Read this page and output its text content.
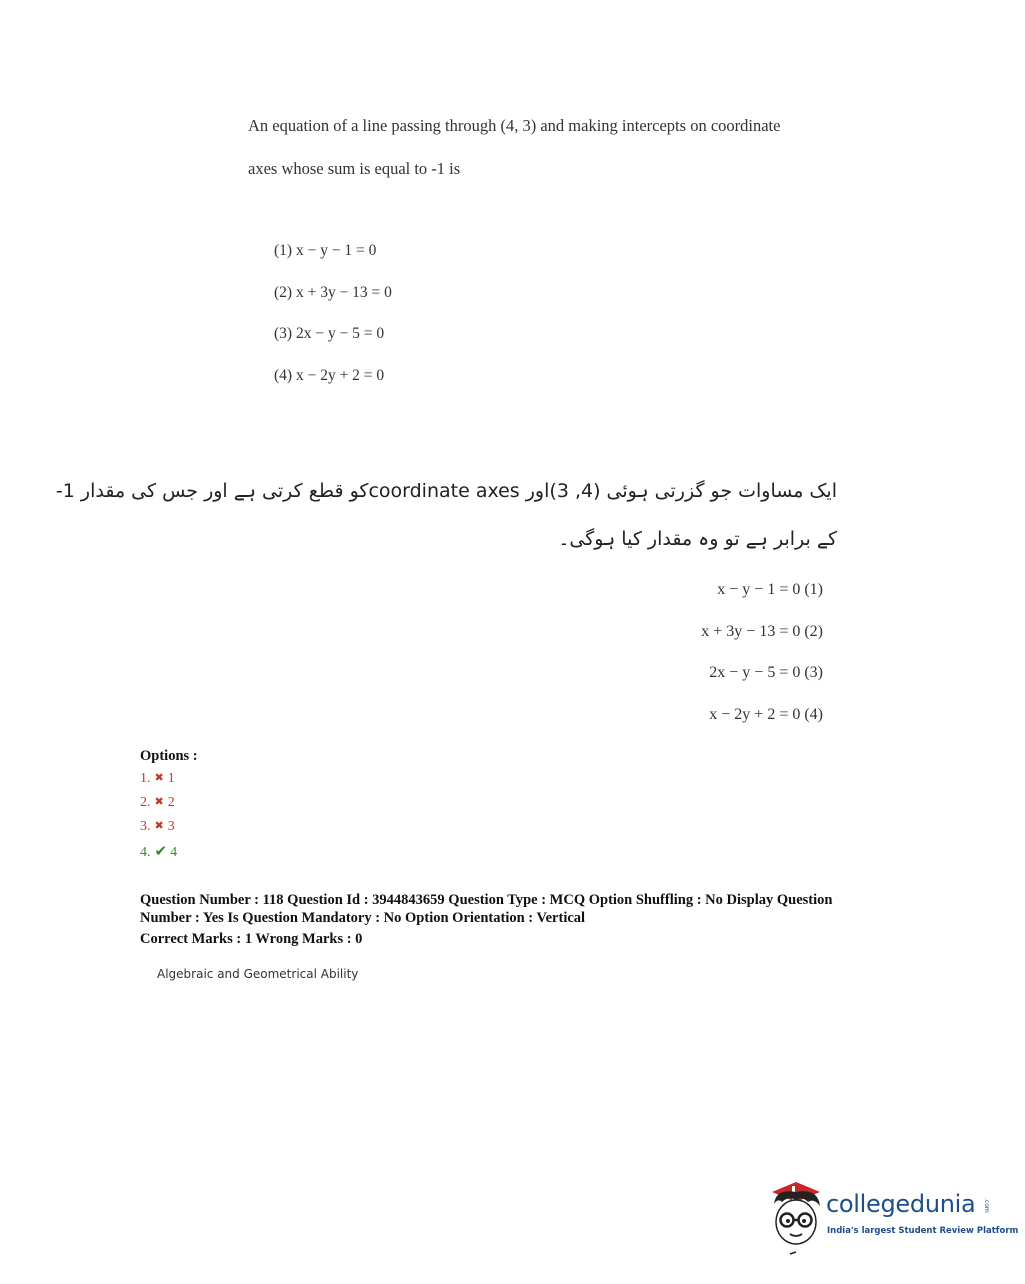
An equation of a line passing through (4, 3) and making intercepts on coordinate
axes whose sum is equal to -1 is
(1) x − y − 1 = 0
(2) x + 3y − 13 = 0
(3) 2x − y − 5 = 0
(4) x − 2y + 2 = 0
ایک مساوات جو گزرتی ہوئی (4, 3)اور coordinate axesکو قطع کرتی ہے اور جس کی مقدار 1-
کے برابر ہے تو وہ مقدار کیا ہوگی۔
x − y − 1 = 0 (1)
x + 3y − 13 = 0 (2)
2x − y − 5 = 0 (3)
x − 2y + 2 = 0 (4)
Options :
1. ✖ 1
2. ✖ 2
3. ✖ 3
4. ✔ 4
Question Number : 118 Question Id : 3944843659 Question Type : MCQ Option Shuffling : No Display Question
Number : Yes Is Question Mandatory : No Option Orientation : Vertical
Correct Marks : 1 Wrong Marks : 0
Algebraic and Geometrical Ability
collegedunia .com
India's largest Student Review Platform
